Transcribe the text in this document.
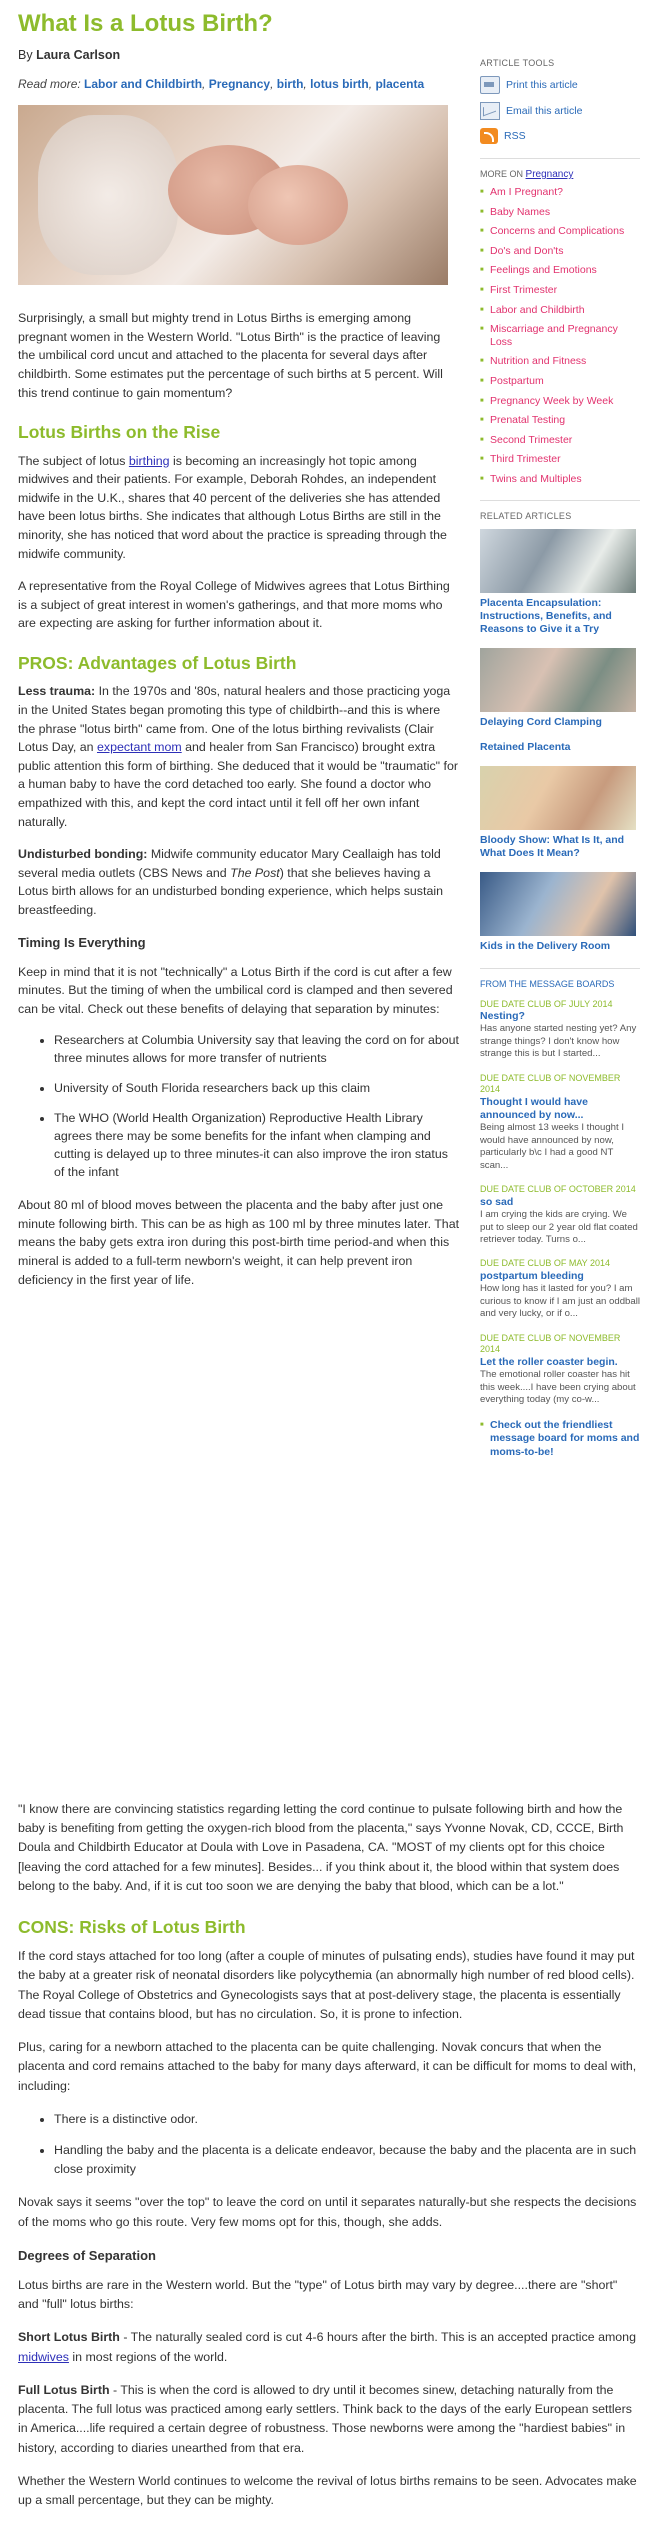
What Is a Lotus Birth?
By Laura Carlson
Read more: Labor and Childbirth, Pregnancy, birth, lotus birth, placenta

Surprisingly, a small but mighty trend in Lotus Births is emerging among pregnant women in the Western World. "Lotus Birth" is the practice of leaving the umbilical cord uncut and attached to the placenta for several days after childbirth. Some estimates put the percentage of such births at 5 percent. Will this trend continue to gain momentum?

Lotus Births on the Rise

The subject of lotus birthing is becoming an increasingly hot topic among midwives and their patients. For example, Deborah Rohdes, an independent midwife in the U.K., shares that 40 percent of the deliveries she has attended have been lotus births. She indicates that although Lotus Births are still in the minority, she has noticed that word about the practice is spreading through the midwife community.

A representative from the Royal College of Midwives agrees that Lotus Birthing is a subject of great interest in women's gatherings, and that more moms who are expecting are asking for further information about it.

PROS: Advantages of Lotus Birth

Less trauma: In the 1970s and '80s, natural healers and those practicing yoga in the United States began promoting this type of childbirth--and this is where the phrase "lotus birth" came from. One of the lotus birthing revivalists (Clair Lotus Day, an expectant mom and healer from San Francisco) brought extra public attention this form of birthing. She deduced that it would be "traumatic" for a human baby to have the cord detached too early. She found a doctor who empathized with this, and kept the cord intact until it fell off her own infant naturally.

Undisturbed bonding: Midwife community educator Mary Ceallaigh has told several media outlets (CBS News and The Post) that she believes having a Lotus birth allows for an undisturbed bonding experience, which helps sustain breastfeeding.

Timing Is Everything

Keep in mind that it is not "technically" a Lotus Birth if the cord is cut after a few minutes. But the timing of when the umbilical cord is clamped and then severed can be vital. Check out these benefits of delaying that separation by minutes:

• Researchers at Columbia University say that leaving the cord on for about three minutes allows for more transfer of nutrients
• University of South Florida researchers back up this claim
• The WHO (World Health Organization) Reproductive Health Library agrees there may be some benefits for the infant when clamping and cutting is delayed up to three minutes-it can also improve the iron status of the infant

About 80 ml of blood moves between the placenta and the baby after just one minute following birth. This can be as high as 100 ml by three minutes later. That means the baby gets extra iron during this post-birth time period-and when this mineral is added to a full-term newborn's weight, it can help prevent iron deficiency in the first year of life.

"I know there are convincing statistics regarding letting the cord continue to pulsate following birth and how the baby is benefiting from getting the oxygen-rich blood from the placenta," says Yvonne Novak, CD, CCCE, Birth Doula and Childbirth Educator at Doula with Love in Pasadena, CA. "MOST of my clients opt for this choice [leaving the cord attached for a few minutes]. Besides... if you think about it, the blood within that system does belong to the baby. And, if it is cut too soon we are denying the baby that blood, which can be a lot."

CONS: Risks of Lotus Birth

If the cord stays attached for too long (after a couple of minutes of pulsating ends), studies have found it may put the baby at a greater risk of neonatal disorders like polycythemia (an abnormally high number of red blood cells). The Royal College of Obstetrics and Gynecologists says that at post-delivery stage, the placenta is essentially dead tissue that contains blood, but has no circulation. So, it is prone to infection.

Plus, caring for a newborn attached to the placenta can be quite challenging. Novak concurs that when the placenta and cord remains attached to the baby for many days afterward, it can be difficult for moms to deal with, including:

• There is a distinctive odor.
• Handling the baby and the placenta is a delicate endeavor, because the baby and the placenta are in such close proximity

Novak says it seems "over the top" to leave the cord on until it separates naturally-but she respects the decisions of the moms who go this route. Very few moms opt for this, though, she adds.

Degrees of Separation

Lotus births are rare in the Western world. But the "type" of Lotus birth may vary by degree....there are "short" and "full" lotus births:

Short Lotus Birth - The naturally sealed cord is cut 4-6 hours after the birth. This is an accepted practice among midwives in most regions of the world.

Full Lotus Birth - This is when the cord is allowed to dry until it becomes sinew, detaching naturally from the placenta. The full lotus was practiced among early settlers. Think back to the days of the early European settlers in America....life required a certain degree of robustness. Those newborns were among the "hardiest babies" in history, according to diaries unearthed from that era.

Whether the Western World continues to welcome the revival of lotus births remains to be seen. Advocates make up a small percentage, but they can be mighty.

ARTICLE TOOLS
Print this article
Email this article
RSS
MORE ON Pregnancy
■ Am I Pregnant?
■ Baby Names
■ Concerns and Complications
■ Do's and Don'ts
■ Feelings and Emotions
■ First Trimester
■ Labor and Childbirth
■ Miscarriage and Pregnancy Loss
■ Nutrition and Fitness
■ Postpartum
■ Pregnancy Week by Week
■ Prenatal Testing
■ Second Trimester
■ Third Trimester
■ Twins and Multiples
RELATED ARTICLES
Placenta Encapsulation: Instructions, Benefits, and Reasons to Give it a Try
Delaying Cord Clamping
Retained Placenta
Bloody Show: What Is It, and What Does It Mean?
Kids in the Delivery Room
FROM THE MESSAGE BOARDS
DUE DATE CLUB OF JULY 2014
Nesting?
Has anyone started nesting yet? Any strange things? I don't know how strange this is but I started...
DUE DATE CLUB OF NOVEMBER 2014
Thought I would have announced by now...
Being almost 13 weeks I thought I would have announced by now, particularly b\c I had a good NT scan...
DUE DATE CLUB OF OCTOBER 2014
so sad
I am crying the kids are crying. We put to sleep our 2 year old flat coated retriever today. Turns o...
DUE DATE CLUB OF MAY 2014
postpartum bleeding
How long has it lasted for you? I am curious to know if I am just an oddball and very lucky, or if o...
DUE DATE CLUB OF NOVEMBER 2014
Let the roller coaster begin.
The emotional roller coaster has hit this week....I have been crying about everything today (my co-w...
■ Check out the friendliest message board for moms and moms-to-be!
